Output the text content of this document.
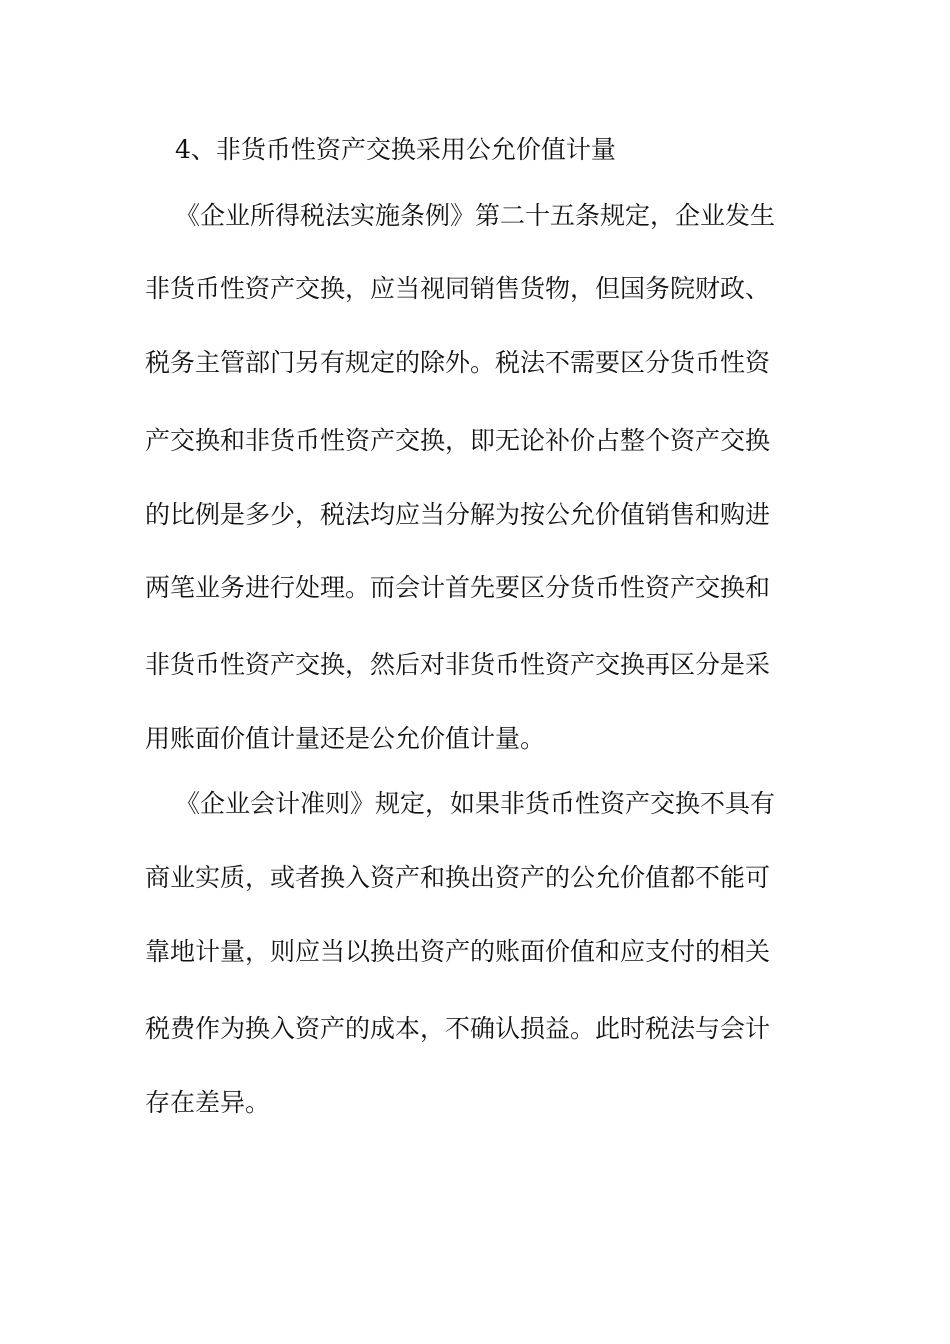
4、非货币性资产交换采用公允价值计量
《企业所得税法实施条例》第二十五条规定，企业发生
非货币性资产交换，应当视同销售货物，但国务院财政、
税务主管部门另有规定的除外。税法不需要区分货币性资
产交换和非货币性资产交换，即无论补价占整个资产交换
的比例是多少，税法均应当分解为按公允价值销售和购进
两笔业务进行处理。而会计首先要区分货币性资产交换和
非货币性资产交换，然后对非货币性资产交换再区分是采
用账面价值计量还是公允价值计量。
《企业会计准则》规定，如果非货币性资产交换不具有
商业实质，或者换入资产和换出资产的公允价值都不能可
靠地计量，则应当以换出资产的账面价值和应支付的相关
税费作为换入资产的成本，不确认损益。此时税法与会计
存在差异。
